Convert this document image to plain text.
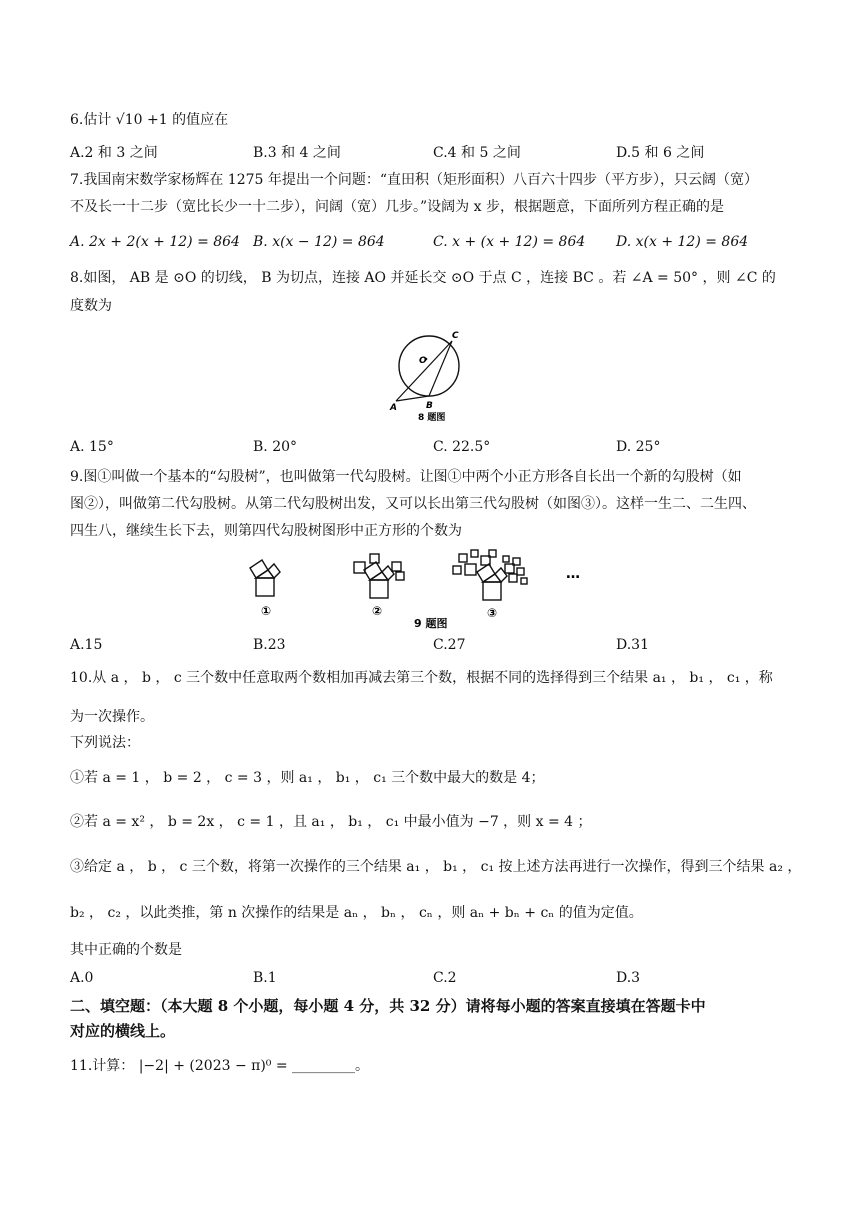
6.估计 √10 +1 的值应在
A.2 和 3 之间	B.3 和 4 之间	C.4 和 5 之间	D.5 和 6 之间
7.我国南宋数学家杨辉在 1275 年提出一个问题：“直田积（矩形面积）八百六十四步（平方步），只云阔（宽）
不及长一十二步（宽比长少一十二步），问阔（宽）几步。”设阔为 x 步，根据题意，下面所列方程正确的是
A. 2x + 2(x + 12) = 864 B. x(x − 12) = 864	C. x + (x + 12) = 864 D. x(x + 12) = 864
8.如图， AB 是 ⊙O 的切线， B 为切点，连接 AO 并延长交 ⊙O 于点 C ，连接 BC 。若 ∠A = 50° ，则 ∠C 的
度数为
C
O
A	B
8 题图
A. 15°	B. 20°	C. 22.5°	D. 25°
9.图①叫做一个基本的“勾股树”，也叫做第一代勾股树。让图①中两个小正方形各自长出一个新的勾股树（如
图②），叫做第二代勾股树。从第二代勾股树出发，又可以长出第三代勾股树（如图③）。这样一生二、二生四、
四生八，继续生长下去，则第四代勾股树图形中正方形的个数为
①	②	③
9 题图
…
A.15	B.23	C.27	D.31
10.从 a ， b ， c 三个数中任意取两个数相加再减去第三个数，根据不同的选择得到三个结果 a₁ ， b₁ ， c₁ ，称
为一次操作。
下列说法：
①若 a = 1 ， b = 2 ， c = 3 ，则 a₁ ， b₁ ， c₁ 三个数中最大的数是 4；
②若 a = x² ， b = 2x ， c = 1 ，且 a₁ ， b₁ ， c₁ 中最小值为 −7 ，则 x = 4 ；
③给定 a ， b ， c 三个数，将第一次操作的三个结果 a₁ ， b₁ ， c₁ 按上述方法再进行一次操作，得到三个结果 a₂ ，
b₂ ， c₂ ，以此类推，第 n 次操作的结果是 aₙ ， bₙ ， cₙ ，则 aₙ + bₙ + cₙ 的值为定值。
其中正确的个数是
A.0	B.1	C.2	D.3
二、填空题：（本大题 8 个小题，每小题 4 分，共 32 分）请将每小题的答案直接填在答题卡中
对应的横线上。
11.计算： |−2| + (2023 − π)⁰ = _________。
